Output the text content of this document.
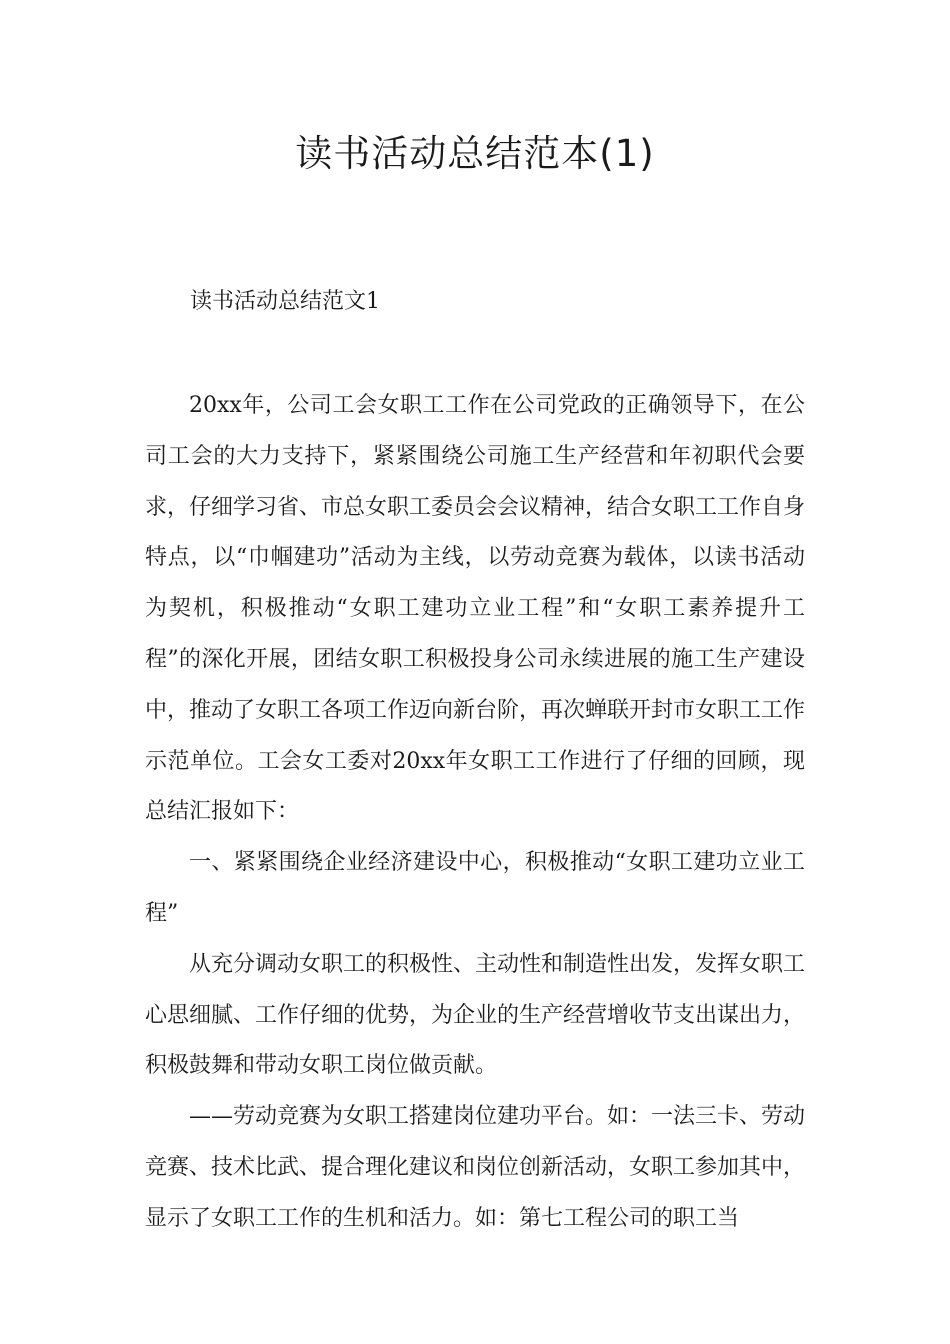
读书活动总结范本(1)

读书活动总结范文1

20xx年，公司工会女职工工作在公司党政的正确领导下，在公司工会的大力支持下，紧紧围绕公司施工生产经营和年初职代会要求，仔细学习省、市总女职工委员会会议精神，结合女职工工作自身特点，以“巾帼建功”活动为主线，以劳动竞赛为载体，以读书活动为契机，积极推动“女职工建功立业工程”和“女职工素养提升工程”的深化开展，团结女职工积极投身公司永续进展的施工生产建设中，推动了女职工各项工作迈向新台阶，再次蝉联开封市女职工工作示范单位。工会女工委对20xx年女职工工作进行了仔细的回顾，现总结汇报如下：

一、紧紧围绕企业经济建设中心，积极推动“女职工建功立业工程”

从充分调动女职工的积极性、主动性和制造性出发，发挥女职工心思细腻、工作仔细的优势，为企业的生产经营增收节支出谋出力，积极鼓舞和带动女职工岗位做贡献。

——劳动竞赛为女职工搭建岗位建功平台。如：一法三卡、劳动竞赛、技术比武、提合理化建议和岗位创新活动，女职工参加其中，显示了女职工工作的生机和活力。如：第七工程公司的职工当
